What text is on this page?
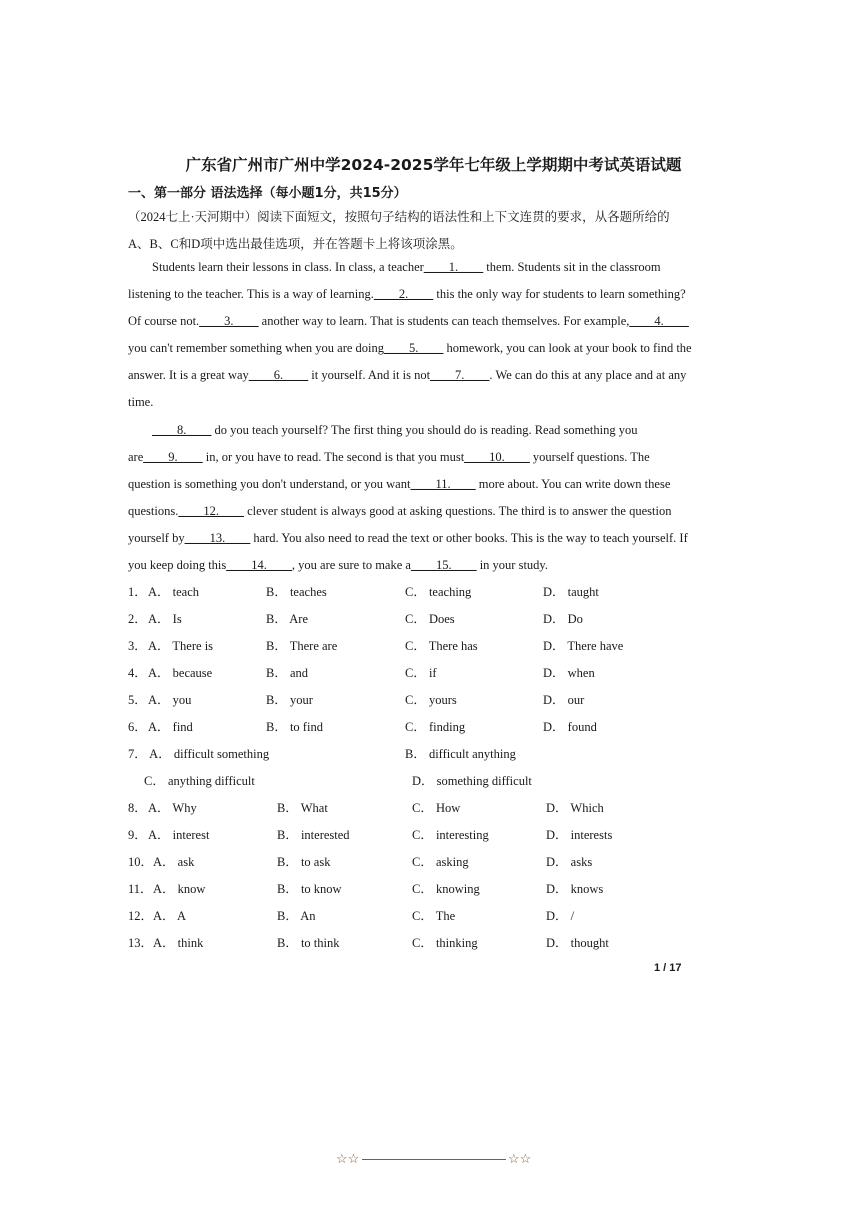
广东省广州市广州中学2024-2025学年七年级上学期期中考试英语试题
一、第一部分 语法选择（每小题1分，共15分）
（2024七上·天河期中）阅读下面短文，按照句子结构的语法性和上下文连贯的要求，从各题所给的A、B、C和D项中选出最佳选项，并在答题卡上将该项涂黑。
Students learn their lessons in class. In class, a teacher____1.____ them. Students sit in the classroom listening to the teacher. This is a way of learning.____2.____ this the only way for students to learn something? Of course not.____3.____ another way to learn. That is students can teach themselves. For example,____4.____ you can't remember something when you are doing____5.____ homework, you can look at your book to find the answer. It is a great way____6.____ it yourself. And it is not____7.____. We can do this at any place and at any time.
____8.____ do you teach yourself? The first thing you should do is reading. Read something you are____9.____ in, or you have to read. The second is that you must____10.____ yourself questions. The question is something you don't understand, or you want____11.____ more about. You can write down these questions.____12.____ clever student is always good at asking questions. The third is to answer the question yourself by____13.____ hard. You also need to read the text or other books. This is the way to teach yourself. If you keep doing this____14.____, you are sure to make a____15.____ in your study.
1． A． teach	B． teaches	C． teaching	D． taught
2． A． Is	B． Are	C． Does	D． Do
3． A． There is	B． There are	C． There has	D． There have
4． A． because	B． and	C． if	D． when
5． A． you	B． your	C． yours	D． our
6． A． find	B． to find	C． finding	D． found
7． A． difficult something	B． difficult anything
C． anything difficult	D． something difficult
8． A． Why	B． What	C． How	D． Which
9． A． interest	B． interested	C． interesting	D． interests
10． A． ask	B． to ask	C． asking	D． asks
11． A． know	B． to know	C． knowing	D． knows
12． A． A	B． An	C． The	D． /
13． A． think	B． to think	C． thinking	D． thought
1 / 17
☆☆	☆☆
